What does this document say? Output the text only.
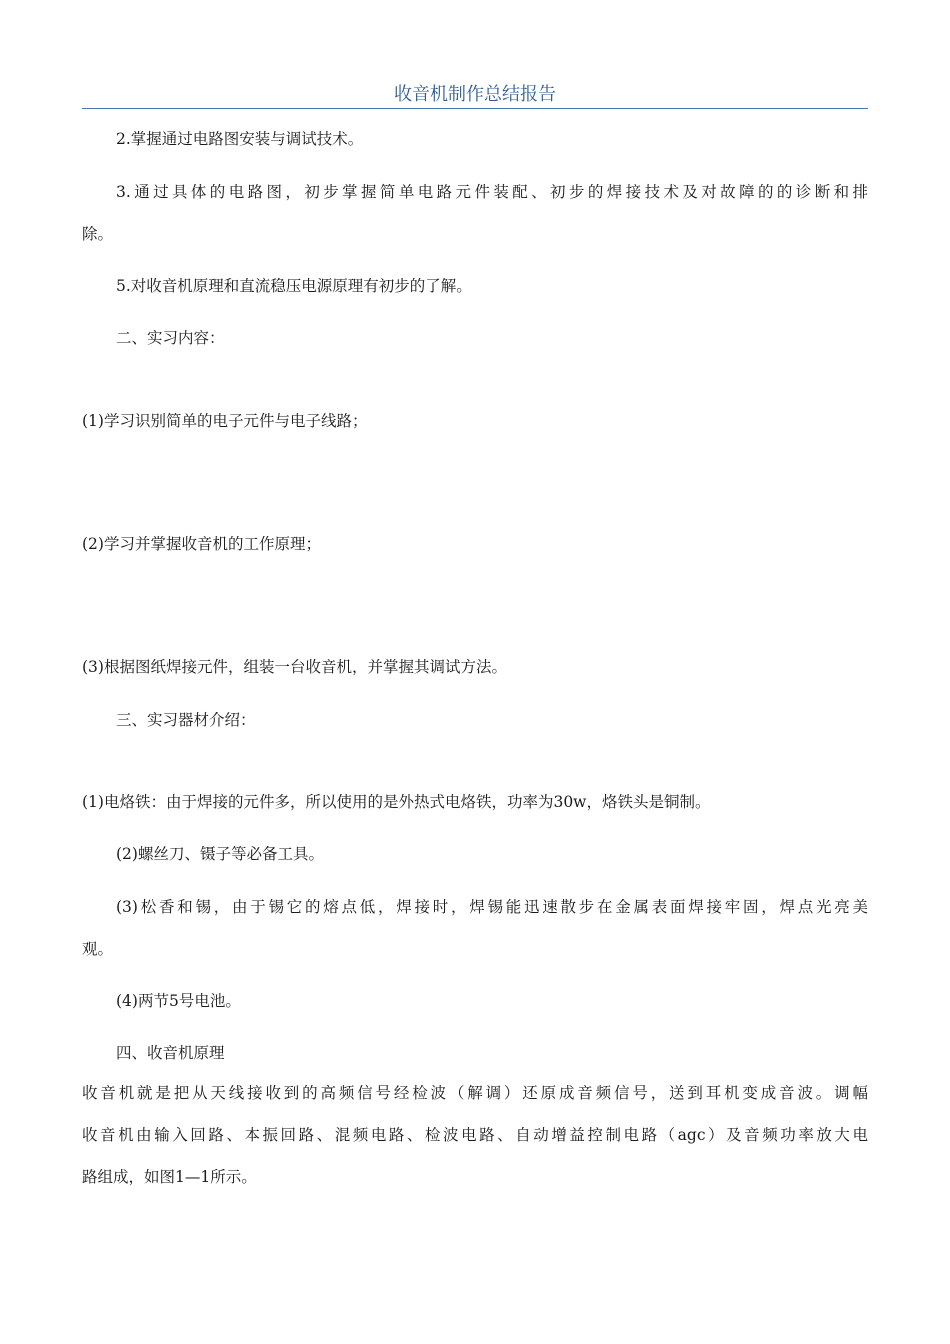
收音机制作总结报告
2.掌握通过电路图安装与调试技术。
3.通过具体的电路图，初步掌握简单电路元件装配、初步的焊接技术及对故障的的诊断和排
除。
5.对收音机原理和直流稳压电源原理有初步的了解。
二、实习内容：
(1)学习识别简单的电子元件与电子线路；
(2)学习并掌握收音机的工作原理；
(3)根据图纸焊接元件，组装一台收音机，并掌握其调试方法。
三、实习器材介绍：
(1)电烙铁：由于焊接的元件多，所以使用的是外热式电烙铁，功率为30w，烙铁头是铜制。
(2)螺丝刀、镊子等必备工具。
(3)松香和锡，由于锡它的熔点低，焊接时，焊锡能迅速散步在金属表面焊接牢固，焊点光亮美
观。
(4)两节5号电池。
四、收音机原理
收音机就是把从天线接收到的高频信号经检波（解调）还原成音频信号，送到耳机变成音波。调幅
收音机由输入回路、本振回路、混频电路、检波电路、自动增益控制电路（agc）及音频功率放大电
路组成，如图1—1所示。
